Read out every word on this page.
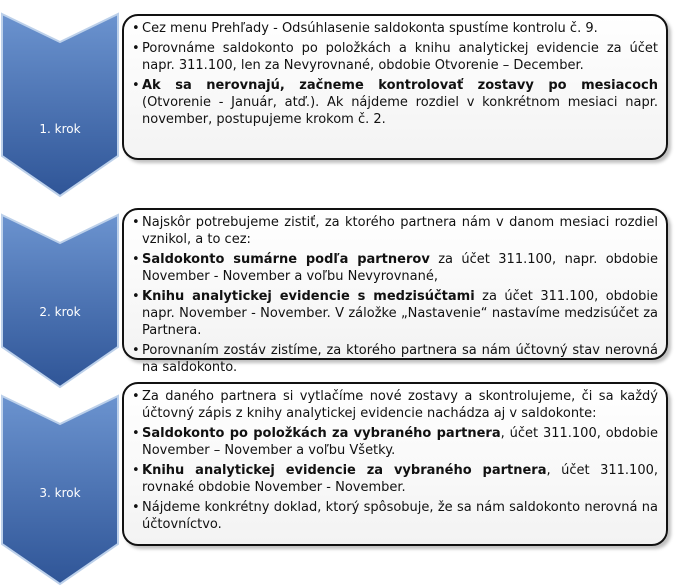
1. krok
• Cez menu Prehľady - Odsúhlasenie saldokonta spustíme kontrolu č. 9.
• Porovnáme saldokonto po položkách a knihu analytickej evidencie za účet napr. 311.100, len za Nevyrovnané, obdobie Otvorenie – December.
• Ak sa nerovnajú, začneme kontrolovať zostavy po mesiacoch (Otvorenie - Január, atď.). Ak nájdeme rozdiel v konkrétnom mesiaci napr. november, postupujeme krokom č. 2.
2. krok
• Najskôr potrebujeme zistiť, za ktorého partnera nám v danom mesiaci rozdiel vznikol, a to cez:
• Saldokonto sumárne podľa partnerov za účet 311.100, napr. obdobie November - November a voľbu Nevyrovnané,
• Knihu analytickej evidencie s medzisúčtami za účet 311.100, obdobie napr. November - November. V záložke „Nastavenie“ nastavíme medzisúčet za Partnera.
• Porovnaním zostáv zistíme, za ktorého partnera sa nám účtovný stav nerovná na saldokonto.
3. krok
• Za daného partnera si vytlačíme nové zostavy a skontrolujeme, či sa každý účtovný zápis z knihy analytickej evidencie nachádza aj v saldokonte:
• Saldokonto po položkách za vybraného partnera, účet 311.100, obdobie November – November a voľbu Všetky.
• Knihu analytickej evidencie za vybraného partnera, účet 311.100, rovnaké obdobie November - November.
• Nájdeme konkrétny doklad, ktorý spôsobuje, že sa nám saldokonto nerovná na účtovníctvo.
